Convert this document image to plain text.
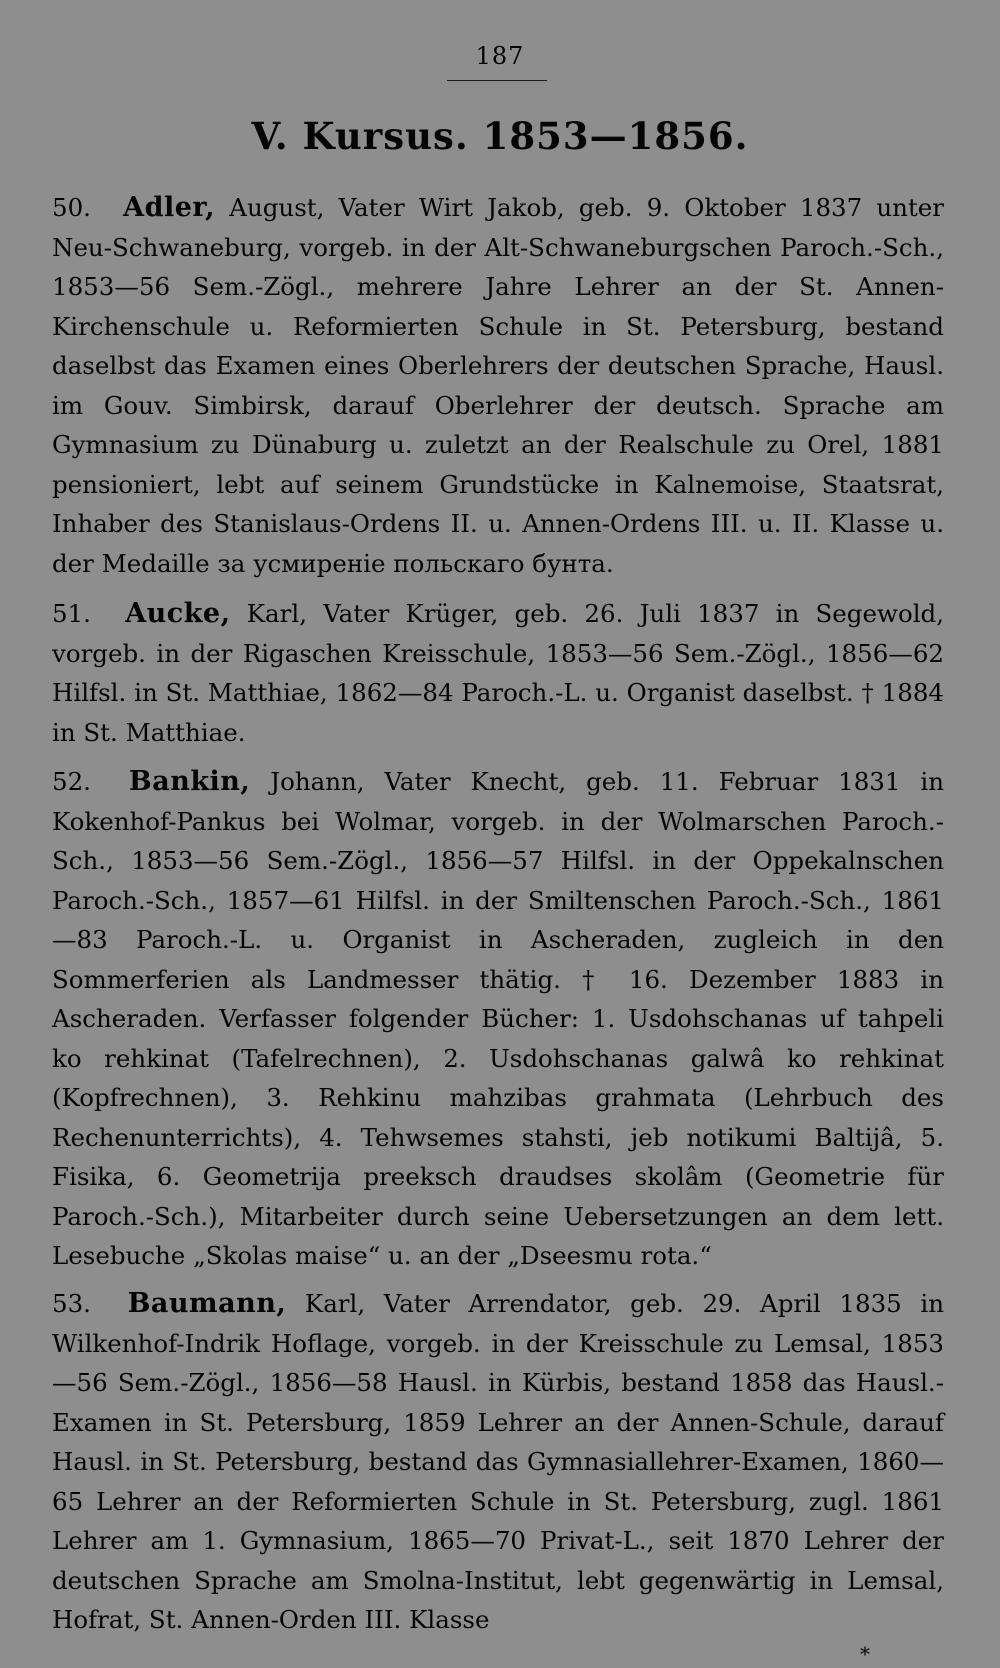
187
V. Kursus. 1853—1856.
50. Adler, August, Vater Wirt Jakob, geb. 9. Oktober 1837 unter Neu-Schwaneburg, vorgeb. in der Alt-Schwaneburgschen Paroch.-Sch., 1853—56 Sem.-Zögl., mehrere Jahre Lehrer an der St. Annen-Kirchenschule u. Reformierten Schule in St. Petersburg, bestand daselbst das Examen eines Oberlehrers der deutschen Sprache, Hausl. im Gouv. Simbirsk, darauf Oberlehrer der deutsch. Sprache am Gymnasium zu Dünaburg u. zuletzt an der Realschule zu Orel, 1881 pensioniert, lebt auf seinem Grundstücke in Kalnemoise, Staatsrat, Inhaber des Stanislaus-Ordens II. u. Annen-Ordens III. u. II. Klasse u. der Medaille за усмиреніе польскаго бунта.
51. Aucke, Karl, Vater Krüger, geb. 26. Juli 1837 in Segewold, vorgeb. in der Rigaschen Kreisschule, 1853—56 Sem.-Zögl., 1856—62 Hilfsl. in St. Matthiae, 1862—84 Paroch.-L. u. Organist daselbst. † 1884 in St. Matthiae.
52. Bankin, Johann, Vater Knecht, geb. 11. Februar 1831 in Kokenhof-Pankus bei Wolmar, vorgeb. in der Wolmarschen Paroch.-Sch., 1853—56 Sem.-Zögl., 1856—57 Hilfsl. in der Oppekalnschen Paroch.-Sch., 1857—61 Hilfsl. in der Smiltenschen Paroch.-Sch., 1861—83 Paroch.-L. u. Organist in Ascheraden, zugleich in den Sommerferien als Landmesser thätig. † 16. Dezember 1883 in Ascheraden. Verfasser folgender Bücher: 1. Usdohschanas uf tahpeli ko rehkinat (Tafelrechnen), 2. Usdohschanas galwâ ko rehkinat (Kopfrechnen), 3. Rehkinu mahzibas grahmata (Lehrbuch des Rechenunterrichts), 4. Tehwsemes stahsti, jeb notikumi Baltijâ, 5. Fisika, 6. Geometrija preeksch draudses skolâm (Geometrie für Paroch.-Sch.), Mitarbeiter durch seine Uebersetzungen an dem lett. Lesebuche „Skolas maise“ u. an der „Dseesmu rota.“
53. Baumann, Karl, Vater Arrendator, geb. 29. April 1835 in Wilkenhof-Indrik Hoflage, vorgeb. in der Kreisschule zu Lemsal, 1853—56 Sem.-Zögl., 1856—58 Hausl. in Kürbis, bestand 1858 das Hausl.-Examen in St. Petersburg, 1859 Lehrer an der Annen-Schule, darauf Hausl. in St. Petersburg, bestand das Gymnasiallehrer-Examen, 1860—65 Lehrer an der Reformierten Schule in St. Petersburg, zugl. 1861 Lehrer am 1. Gymnasium, 1865—70 Privat-L., seit 1870 Lehrer der deutschen Sprache am Smolna-Institut, lebt gegenwärtig in Lemsal, Hofrat, St. Annen-Orden III. Klasse
*
